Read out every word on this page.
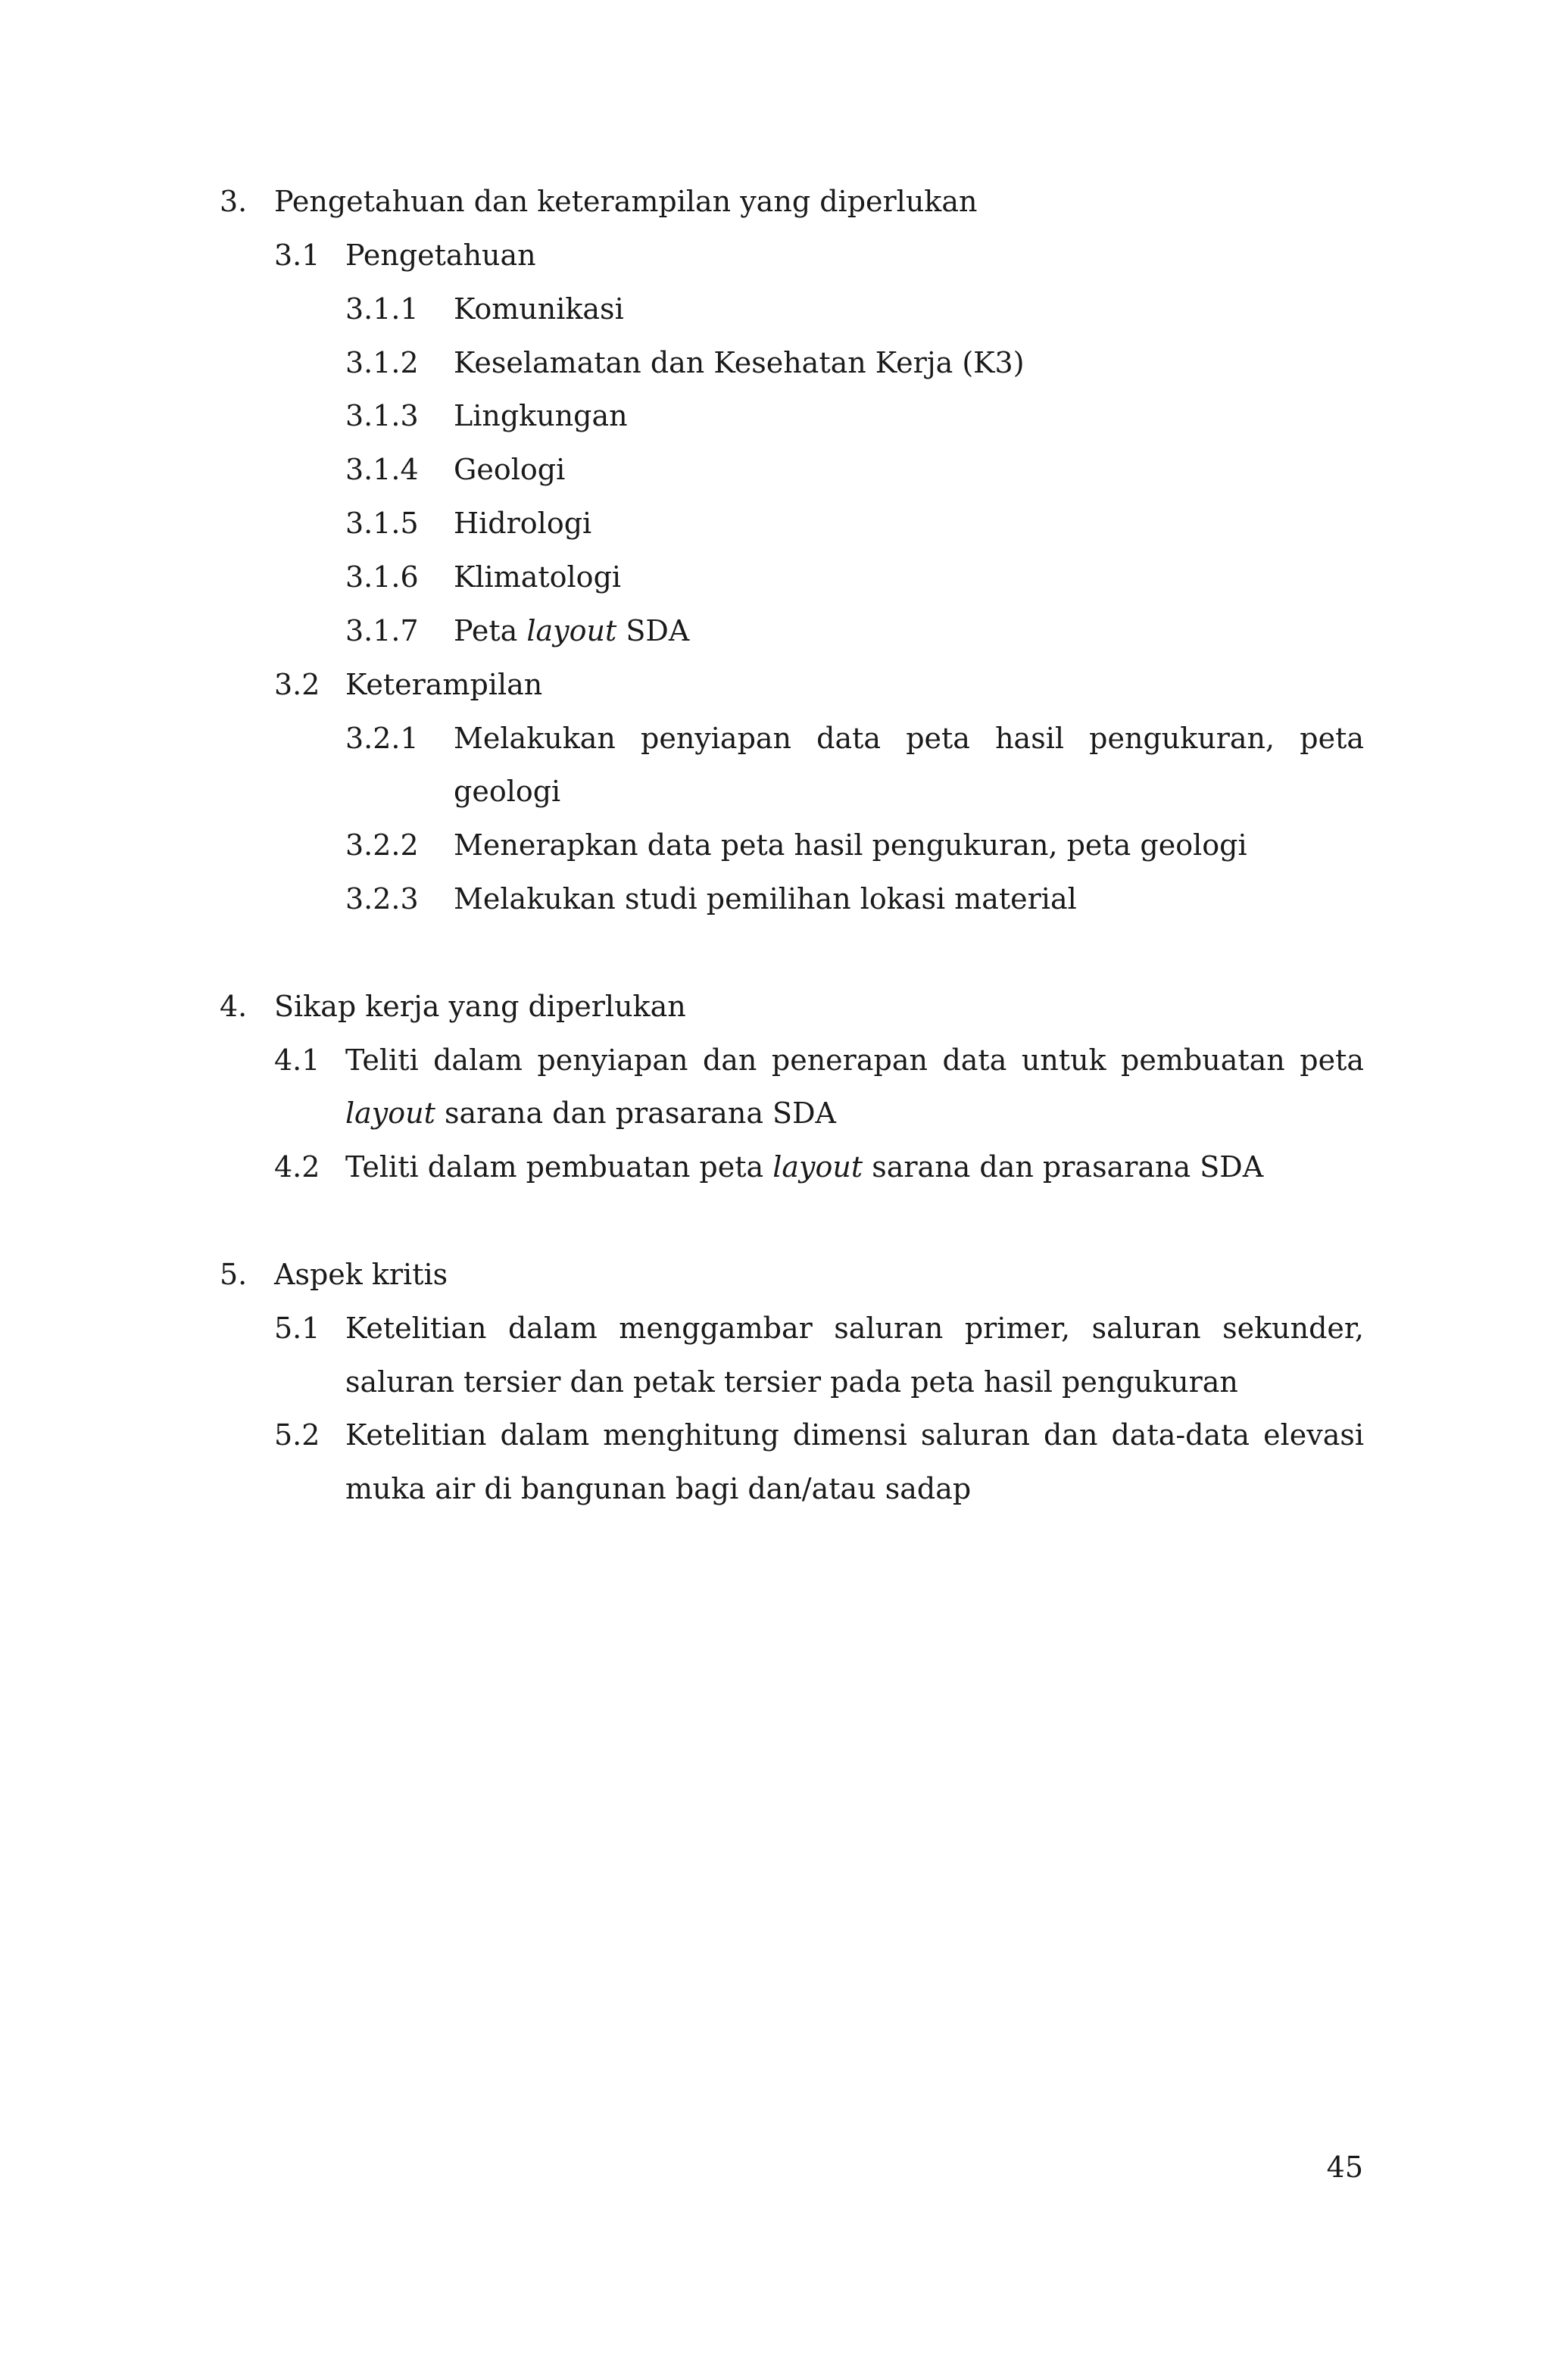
3. Pengetahuan dan keterampilan yang diperlukan
3.1 Pengetahuan
3.1.1 Komunikasi
3.1.2 Keselamatan dan Kesehatan Kerja (K3)
3.1.3 Lingkungan
3.1.4 Geologi
3.1.5 Hidrologi
3.1.6 Klimatologi
3.1.7 Peta layout SDA
3.2 Keterampilan
3.2.1 Melakukan penyiapan data peta hasil pengukuran, peta
geologi
3.2.2 Menerapkan data peta hasil pengukuran, peta geologi
3.2.3 Melakukan studi pemilihan lokasi material
4. Sikap kerja yang diperlukan
4.1 Teliti dalam penyiapan dan penerapan data untuk pembuatan peta
layout sarana dan prasarana SDA
4.2 Teliti dalam pembuatan peta layout sarana dan prasarana SDA
5. Aspek kritis
5.1 Ketelitian dalam menggambar saluran primer, saluran sekunder,
saluran tersier dan petak tersier pada peta hasil pengukuran
5.2 Ketelitian dalam menghitung dimensi saluran dan data-data elevasi
muka air di bangunan bagi dan/atau sadap
45
